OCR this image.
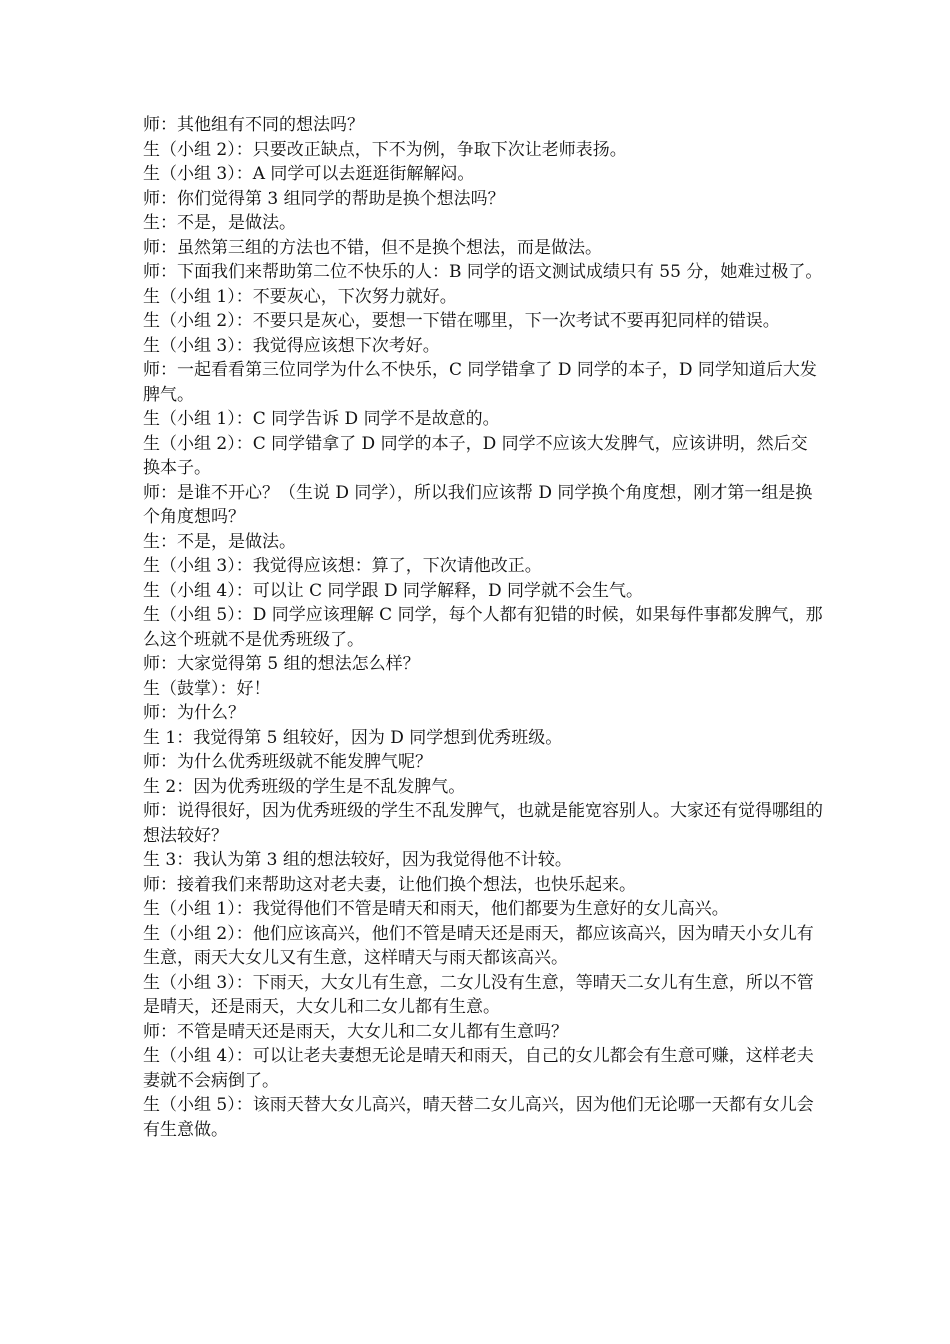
师：其他组有不同的想法吗？

生（小组 2）：只要改正缺点，下不为例，争取下次让老师表扬。

生（小组 3）：A 同学可以去逛逛街解解闷。

师：你们觉得第 3 组同学的帮助是换个想法吗？

生：不是，是做法。

师：虽然第三组的方法也不错，但不是换个想法，而是做法。

师：下面我们来帮助第二位不快乐的人：B 同学的语文测试成绩只有 55 分，她难过极了。

生（小组 1）：不要灰心，下次努力就好。

生（小组 2）：不要只是灰心，要想一下错在哪里，下一次考试不要再犯同样的错误。

生（小组 3）：我觉得应该想下次考好。

师：一起看看第三位同学为什么不快乐，C 同学错拿了 D 同学的本子，D 同学知道后大发脾气。

生（小组 1）：C 同学告诉 D 同学不是故意的。

生（小组 2）：C 同学错拿了 D 同学的本子，D 同学不应该大发脾气，应该讲明，然后交换本子。

师：是谁不开心？（生说 D 同学），所以我们应该帮 D 同学换个角度想，刚才第一组是换个角度想吗？

生：不是，是做法。

生（小组 3）：我觉得应该想：算了，下次请他改正。

生（小组 4）：可以让 C 同学跟 D 同学解释，D 同学就不会生气。

生（小组 5）：D 同学应该理解 C 同学，每个人都有犯错的时候，如果每件事都发脾气，那么这个班就不是优秀班级了。

师：大家觉得第 5 组的想法怎么样？

生（鼓掌）：好！

师：为什么？

生 1：我觉得第 5 组较好，因为 D 同学想到优秀班级。

师：为什么优秀班级就不能发脾气呢？

生 2：因为优秀班级的学生是不乱发脾气。

师：说得很好，因为优秀班级的学生不乱发脾气，也就是能宽容别人。大家还有觉得哪组的想法较好？

生 3：我认为第 3 组的想法较好，因为我觉得他不计较。

师：接着我们来帮助这对老夫妻，让他们换个想法，也快乐起来。

生（小组 1）：我觉得他们不管是晴天和雨天，他们都要为生意好的女儿高兴。

生（小组 2）：他们应该高兴，他们不管是晴天还是雨天，都应该高兴，因为晴天小女儿有生意，雨天大女儿又有生意，这样晴天与雨天都该高兴。

生（小组 3）：下雨天，大女儿有生意，二女儿没有生意，等晴天二女儿有生意，所以不管是晴天，还是雨天，大女儿和二女儿都有生意。

师：不管是晴天还是雨天，大女儿和二女儿都有生意吗？

生（小组 4）：可以让老夫妻想无论是晴天和雨天，自己的女儿都会有生意可赚，这样老夫妻就不会病倒了。

生（小组 5）：该雨天替大女儿高兴，晴天替二女儿高兴，因为他们无论哪一天都有女儿会有生意做。
